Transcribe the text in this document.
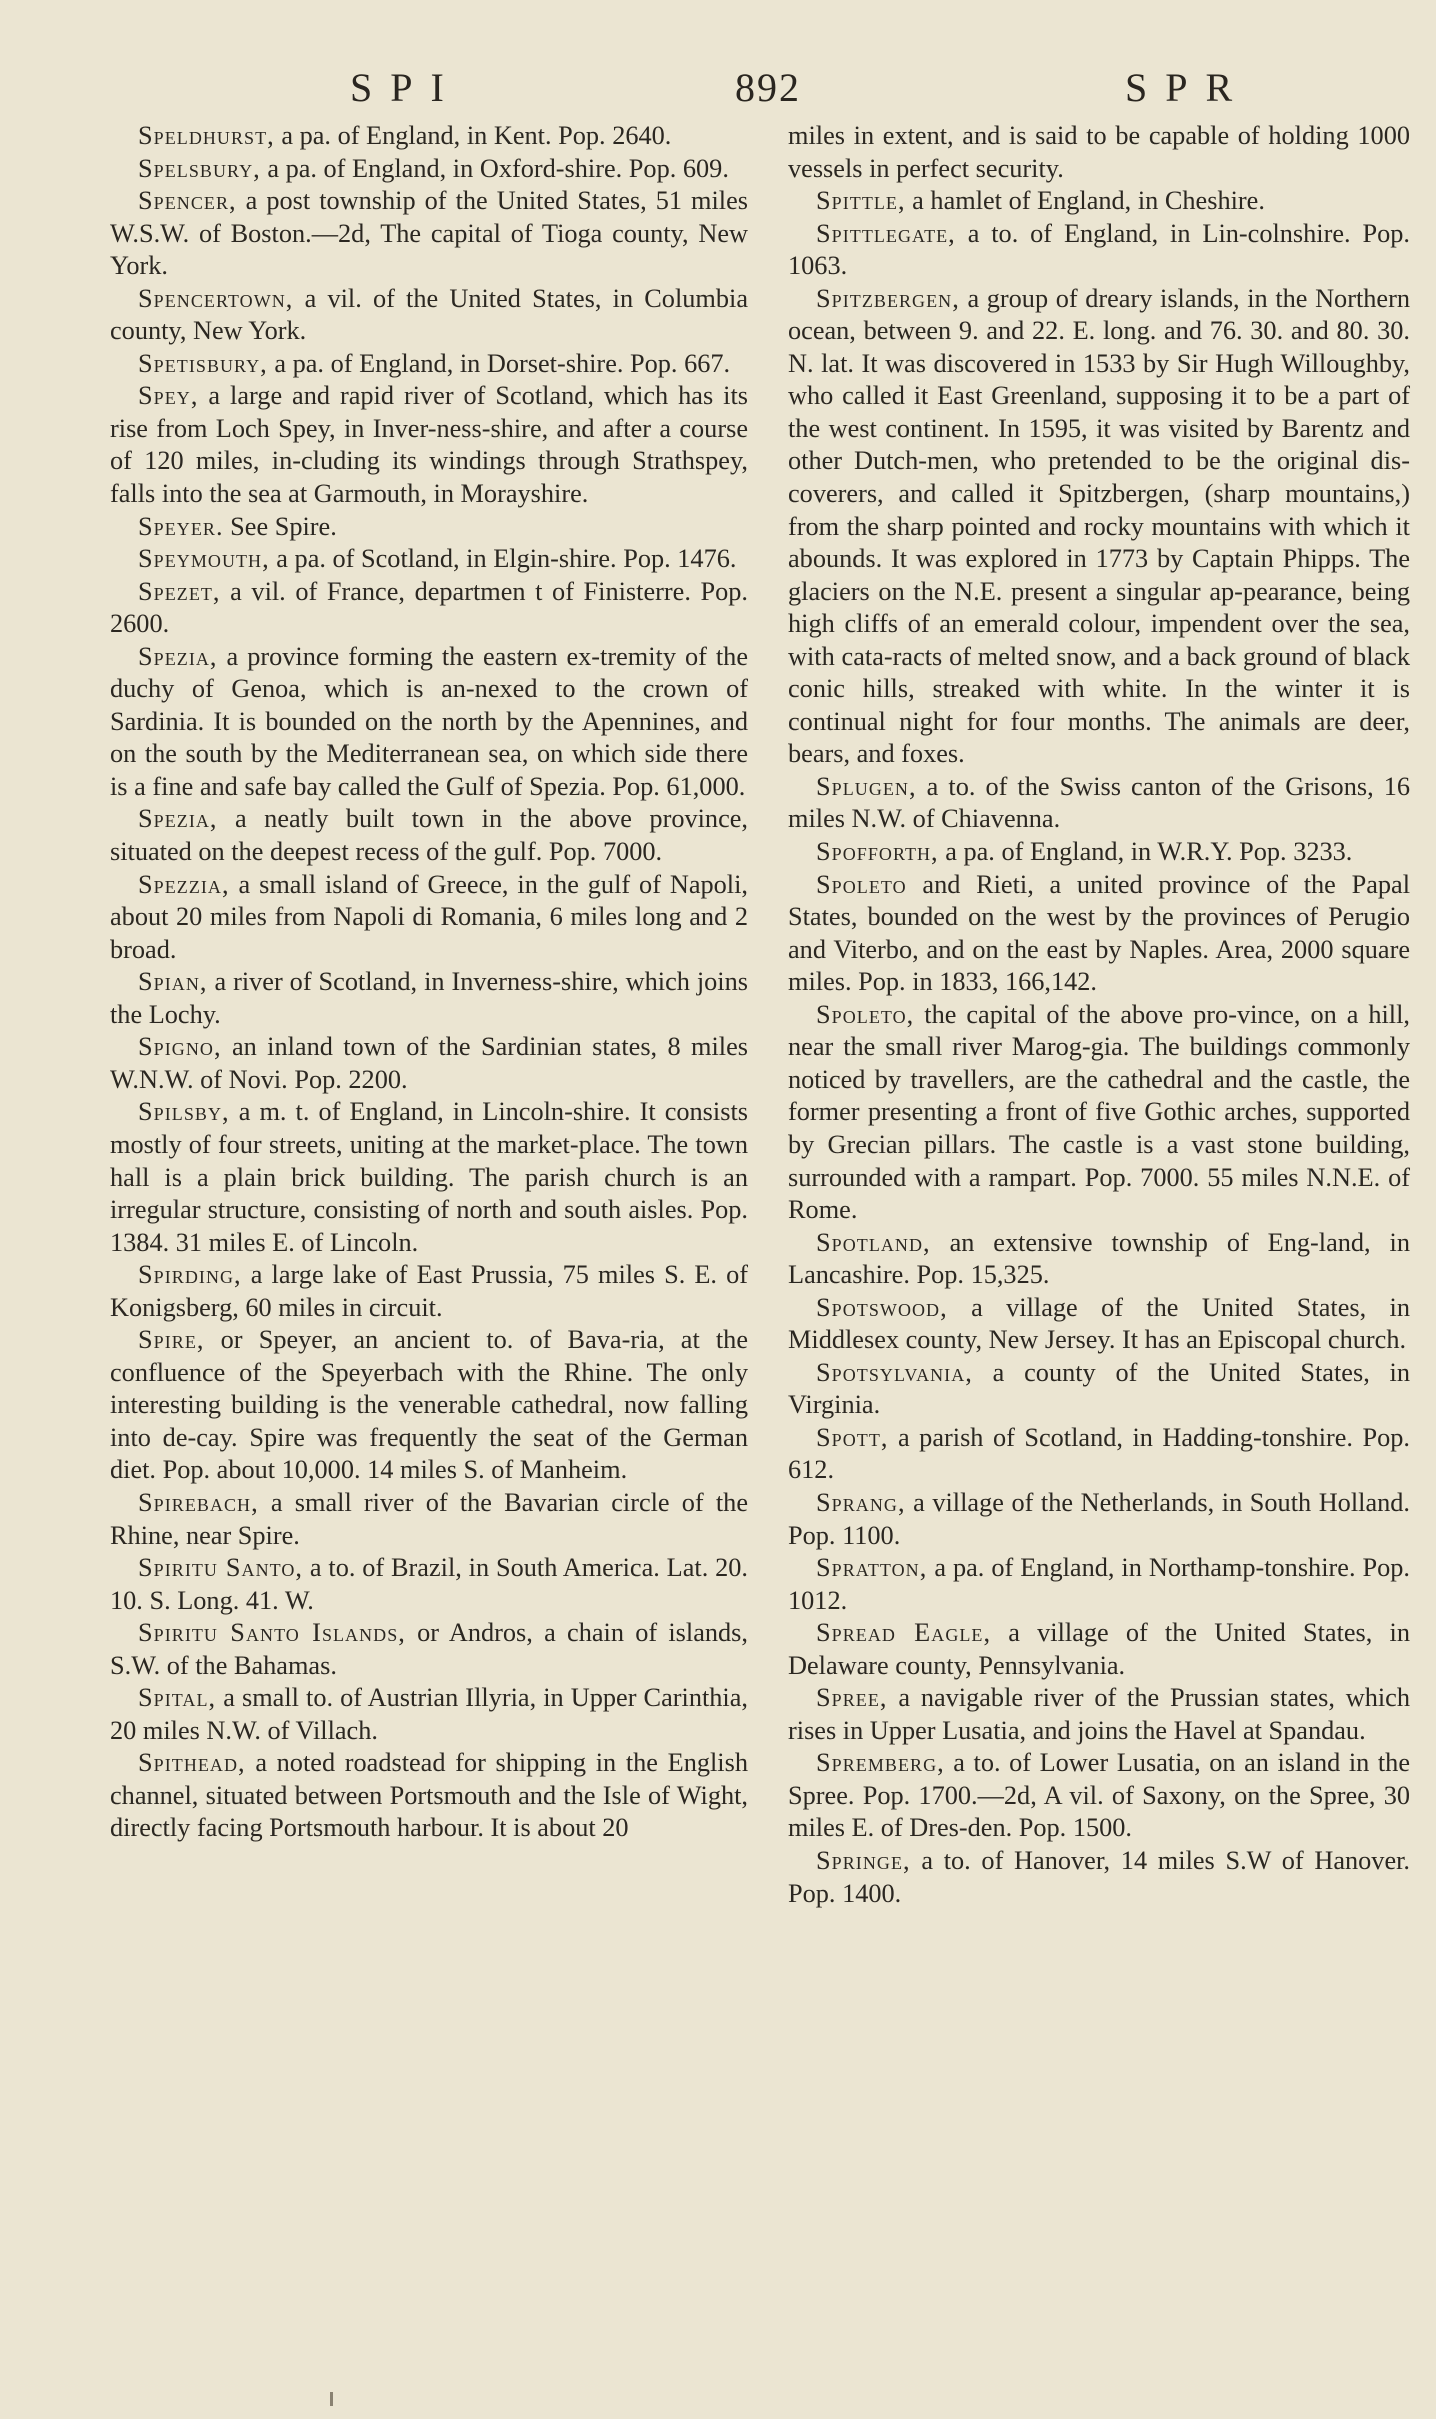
SPI	892	SPR

Speldhurst, a pa. of England, in Kent. Pop. 2640.

Spelsbury, a pa. of England, in Oxford-shire. Pop. 609.

Spencer, a post township of the United States, 51 miles W.S.W. of Boston.—2d, The capital of Tioga county, New York.

Spencertown, a vil. of the United States, in Columbia county, New York.

Spetisbury, a pa. of England, in Dorset-shire. Pop. 667.

Spey, a large and rapid river of Scotland, which has its rise from Loch Spey, in Inver-ness-shire, and after a course of 120 miles, in-cluding its windings through Strathspey, falls into the sea at Garmouth, in Morayshire.

Speyer. See Spire.

Speymouth, a pa. of Scotland, in Elgin-shire. Pop. 1476.

Spezet, a vil. of France, departmen t of Finisterre. Pop. 2600.

Spezia, a province forming the eastern ex-tremity of the duchy of Genoa, which is an-nexed to the crown of Sardinia. It is bounded on the north by the Apennines, and on the south by the Mediterranean sea, on which side there is a fine and safe bay called the Gulf of Spezia. Pop. 61,000.

Spezia, a neatly built town in the above province, situated on the deepest recess of the gulf. Pop. 7000.

Spezzia, a small island of Greece, in the gulf of Napoli, about 20 miles from Napoli di Romania, 6 miles long and 2 broad.

Spian, a river of Scotland, in Inverness-shire, which joins the Lochy.

Spigno, an inland town of the Sardinian states, 8 miles W.N.W. of Novi. Pop. 2200.

Spilsby, a m. t. of England, in Lincoln-shire. It consists mostly of four streets, uniting at the market-place. The town hall is a plain brick building. The parish church is an irregular structure, consisting of north and south aisles. Pop. 1384. 31 miles E. of Lincoln.

Spirding, a large lake of East Prussia, 75 miles S. E. of Konigsberg, 60 miles in circuit.

Spire, or Speyer, an ancient to. of Bava-ria, at the confluence of the Speyerbach with the Rhine. The only interesting building is the venerable cathedral, now falling into de-cay. Spire was frequently the seat of the German diet. Pop. about 10,000. 14 miles S. of Manheim.

Spirebach, a small river of the Bavarian circle of the Rhine, near Spire.

Spiritu Santo, a to. of Brazil, in South America. Lat. 20. 10. S. Long. 41. W.

Spiritu Santo Islands, or Andros, a chain of islands, S.W. of the Bahamas.

Spital, a small to. of Austrian Illyria, in Upper Carinthia, 20 miles N.W. of Villach.

Spithead, a noted roadstead for shipping in the English channel, situated between Portsmouth and the Isle of Wight, directly facing Portsmouth harbour. It is about 20

miles in extent, and is said to be capable of holding 1000 vessels in perfect security.

Spittle, a hamlet of England, in Cheshire.

Spittlegate, a to. of England, in Lin-colnshire. Pop. 1063.

Spitzbergen, a group of dreary islands, in the Northern ocean, between 9. and 22. E. long. and 76. 30. and 80. 30. N. lat. It was discovered in 1533 by Sir Hugh Willoughby, who called it East Greenland, supposing it to be a part of the west continent. In 1595, it was visited by Barentz and other Dutch-men, who pretended to be the original dis-coverers, and called it Spitzbergen, (sharp mountains,) from the sharp pointed and rocky mountains with which it abounds. It was explored in 1773 by Captain Phipps. The glaciers on the N.E. present a singular ap-pearance, being high cliffs of an emerald colour, impendent over the sea, with cata-racts of melted snow, and a back ground of black conic hills, streaked with white. In the winter it is continual night for four months. The animals are deer, bears, and foxes.

Splugen, a to. of the Swiss canton of the Grisons, 16 miles N.W. of Chiavenna.

Spofforth, a pa. of England, in W.R.Y. Pop. 3233.

Spoleto and Rieti, a united province of the Papal States, bounded on the west by the provinces of Perugio and Viterbo, and on the east by Naples. Area, 2000 square miles. Pop. in 1833, 166,142.

Spoleto, the capital of the above pro-vince, on a hill, near the small river Marog-gia. The buildings commonly noticed by travellers, are the cathedral and the castle, the former presenting a front of five Gothic arches, supported by Grecian pillars. The castle is a vast stone building, surrounded with a rampart. Pop. 7000. 55 miles N.N.E. of Rome.

Spotland, an extensive township of Eng-land, in Lancashire. Pop. 15,325.

Spotswood, a village of the United States, in Middlesex county, New Jersey. It has an Episcopal church.

Spotsylvania, a county of the United States, in Virginia.

Spott, a parish of Scotland, in Hadding-tonshire. Pop. 612.

Sprang, a village of the Netherlands, in South Holland. Pop. 1100.

Spratton, a pa. of England, in Northamp-tonshire. Pop. 1012.

Spread Eagle, a village of the United States, in Delaware county, Pennsylvania.

Spree, a navigable river of the Prussian states, which rises in Upper Lusatia, and joins the Havel at Spandau.

Spremberg, a to. of Lower Lusatia, on an island in the Spree. Pop. 1700.—2d, A vil. of Saxony, on the Spree, 30 miles E. of Dres-den. Pop. 1500.

Springe, a to. of Hanover, 14 miles S.W of Hanover. Pop. 1400.
